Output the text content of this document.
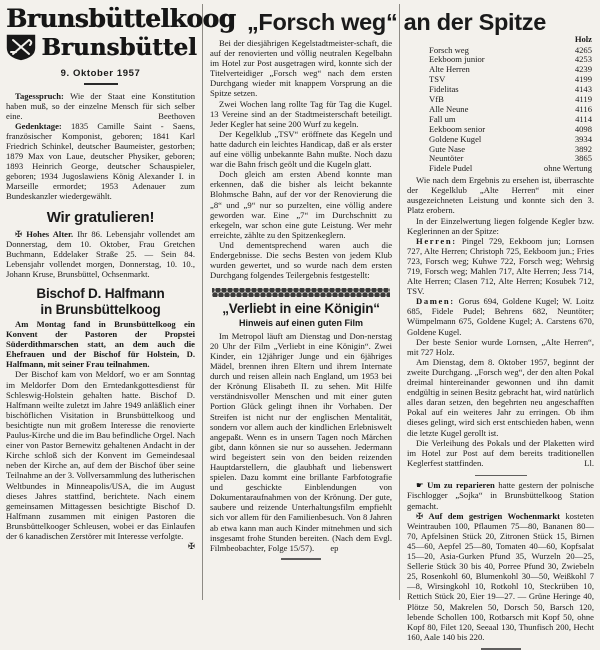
„Forsch weg“ an der Spitze
Brunsbüttelkoog
Brunsbüttel
9. Oktober 1957

Tagesspruch: Wie der Staat eine Konstitution haben muß, so der einzelne Mensch für sich selber eine.	Beethoven

Gedenktage: 1835 Camille Saint - Saens, französischer Komponist, geboren; 1841 Karl Friedrich Schinkel, deutscher Baumeister, gestorben; 1879 Max von Laue, deutscher Physiker, geboren; 1893 Heinrich George, deutscher Schauspieler, geboren; 1934 Jugoslawiens König Alexander I. in Marseille ermordet; 1953 Adenauer zum Bundeskanzler wiedergewählt.

Wir gratulieren!

✠ Hohes Alter. Ihr 86. Lebensjahr vollendet am Donnerstag, dem 10. Oktober, Frau Gretchen Buchmann, Eddelaker Straße 25. — Sein 84. Lebensjahr vollendet morgen, Donnerstag, 10. 10., Johann Kruse, Brunsbüttel, Ochsenmarkt.

Bischof D. Halfmann
in Brunsbüttelkoog

Am Montag fand in Brunsbüttelkoog ein Konvent der Pastoren der Propstei Süderdithmarschen statt, an dem auch die Ehefrauen und der Bischof für Holstein, D. Halfmann, mit seiner Frau teilnahmen.

Der Bischof kam von Meldorf, wo er am Sonntag im Meldorfer Dom den Erntedankgottesdienst für Schleswig-Holstein gehalten hatte. Bischof D. Halfmann weilte zuletzt im Jahre 1949 anläßlich einer bischöflichen Visitation in Brunsbüttelkoog und besichtigte nun mit großem Interesse die renovierte Paulus-Kirche und die im Bau befindliche Orgel. Nach einer von Pastor Bernewitz gehaltenen Andacht in der Kirche schloß sich der Konvent im Gemeindesaal neben der Kirche an, auf dem der Bischof über seine Teilnahme an der 3. Vollversammlung des lutherischen Weltbundes in Minneapolis/USA, die im August dieses Jahres stattfind, berichtete. Nach einem gemeinsamen Mittagessen besichtigte Bischof D. Halfmann zusammen mit einigen Pastoren die Brunsbüttelkooger Schleusen, wobei er das Einlaufen der 6 kanadischen Zerstörer mit Interesse verfolgte.
✠

Bei der diesjährigen Kegelstadtmeister-schaft, die auf der renovierten und völlig neutralen Kegelbahn im Hotel zur Post ausgetragen wird, konnte sich der Titelverteidiger „Forsch weg“ nach dem ersten Durchgang wieder mit knappem Vorsprung an die Spitze setzen.

Zwei Wochen lang rollte Tag für Tag die Kugel. 13 Vereine sind an der Stadtmeisterschaft beteiligt. Jeder Kegler hat seine 200 Wurf zu kegeln.

Der Kegelklub „TSV“ eröffnete das Kegeln und hatte dadurch ein leichtes Handicap, daß er als erster auf eine völlig unbekannte Bahn mußte. Noch dazu war die Bahn frisch geölt und die Kugeln glatt.

Doch gleich am ersten Abend konnte man erkennen, daß die bisher als leicht bekannte Blohmsche Bahn, auf der vor der Renovierung die „8“ und „9“ nur so purzelten, eine völlig andere geworden war. Eine „7“ im Durchschnitt zu erkegeln, war schon eine gute Leistung. Wer mehr erreichte, zählte zu den Spitzenkeglern.

Und dementsprechend waren auch die Endergebnisse. Die sechs Besten von jedem Klub wurden gewertet, und so wurde nach dem ersten Durchgang folgendes Teilergebnis festgestellt:

„Verliebt in eine Königin“
Hinweis auf einen guten Film

Im Metropol läuft am Dienstag und Don-nerstag 20 Uhr der Film „Verliebt in eine Königin“. Zwei Kinder, ein 12jähriger Junge und ein 6jähriges Mädel, brennen ihren Eltern und ihrem Internate durch und reisen allein nach England, um 1953 bei der Krönung Elisabeth II. zu sehen. Mit Hilfe verständnisvoller Menschen und mit einer guten Portion Glück gelingt ihnen ihr Vorhaben. Der Streifen ist nicht nur der englischen Mentalität, sondern vor allem auch der kindlichen Erlebniswelt angepaßt. Wenn es in unsern Tagen noch Märchen gibt, dann können sie nur so aussehen. Jedermann wird begeistert sein von den beiden reizenden Hauptdarstellern, die glaubhaft und liebenswert spielen. Dazu kommt eine brillante Farbfotografie und geschickte Einblendungen von Dokumentaraufnahmen von der Krönung. Der gute, saubere und reizende Unterhaltungsfilm empfiehlt sich vor allem für den Familienbesuch. Von 8 Jahren ab etwa kann man auch Kinder mitnehmen und sich insgesamt frohe Stunden bereiten. (Nach dem Evgl. Filmbeobachter, Folge 15/57). ep

	Holz
Forsch weg	4265
Eekboom junior	4253
Alte Herren	4239
TSV	4199
Fidelitas	4143
VfB	4119
Alle Neune	4116
Fall um	4114
Eekboom senior	4098
Goldene Kugel	3934
Gute Nase	3892
Neuntöter	3865
Fidele Pudel	ohne Wertung

Wie nach dem Ergebnis zu ersehen ist, überraschte der Kegelklub „Alte Herren“ mit einer ausgezeichneten Leistung und konnte sich den 3. Platz erobern.

In der Einzelwertung liegen folgende Kegler bzw. Keglerinnen an der Spitze:

Herren: Pingel 729, Eekboom jun; Lornsen 727, Alte Herren; Christoph 725, Eekboom jun.; Fries 723, Forsch weg; Kuhwe 722, Forsch weg; Wehrsig 719, Forsch weg; Mahlen 717, Alte Herren; Jess 714, Alte Herren; Clasen 712, Alte Herren; Kosubek 712, TSV.

Damen: Gorus 694, Goldene Kugel; W. Loitz 685, Fidele Pudel; Behrens 682, Neuntöter; Wümpelmann 675, Goldene Kugel; A. Carstens 670, Goldene Kugel.

Der beste Senior wurde Lornsen, „Alte Herren“, mit 727 Holz.

Am Dienstag, dem 8. Oktober 1957, beginnt der zweite Durchgang. „Forsch weg“, der den alten Pokal dreimal hintereinander gewonnen und ihn damit endgültig in seinen Besitz gebracht hat, wird natürlich alles daran setzen, den begehrten neu angeschafften Pokal auf ein weiteres Jahr zu erringen. Ob ihm dieses gelingt, wird sich erst entschieden haben, wenn die letzte Kugel gerollt ist.

Die Verleihung des Pokals und der Plaketten wird im Hotel zur Post auf dem bereits traditionellen Keglerfest stattfinden.	Ll.

☛ Um zu reparieren hatte gestern der polnische Fischlogger „Sojka“ in Brunsbüttelkoog Station gemacht.

✠ Auf dem gestrigen Wochenmarkt kosteten Weintrauben 100, Pflaumen 75—80, Bananen 80—70, Apfelsinen Stück 20, Zitronen Stück 15, Birnen 45—60, Aepfel 25—80, Tomaten 40—60, Kopfsalat 15—20, Asia-Gurken Pfund 35, Wurzeln 20—25, Sellerie Stück 30 bis 40, Porree Pfund 30, Zwiebeln 25, Rosenkohl 60, Blumenkohl 30—50, Weißkohl 7—8, Wirsingkohl 10, Rotkohl 10, Steckrüben 10, Rettich Stück 20, Eier 19—27. — Grüne Heringe 40, Plötze 50, Makrelen 50, Dorsch 50, Barsch 120, lebende Schollen 100, Rotbarsch mit Kopf 50, ohne Kopf 80, Filet 120, Seeaal 130, Thunfisch 200, Hecht 160, Aale 140 bis 220.
